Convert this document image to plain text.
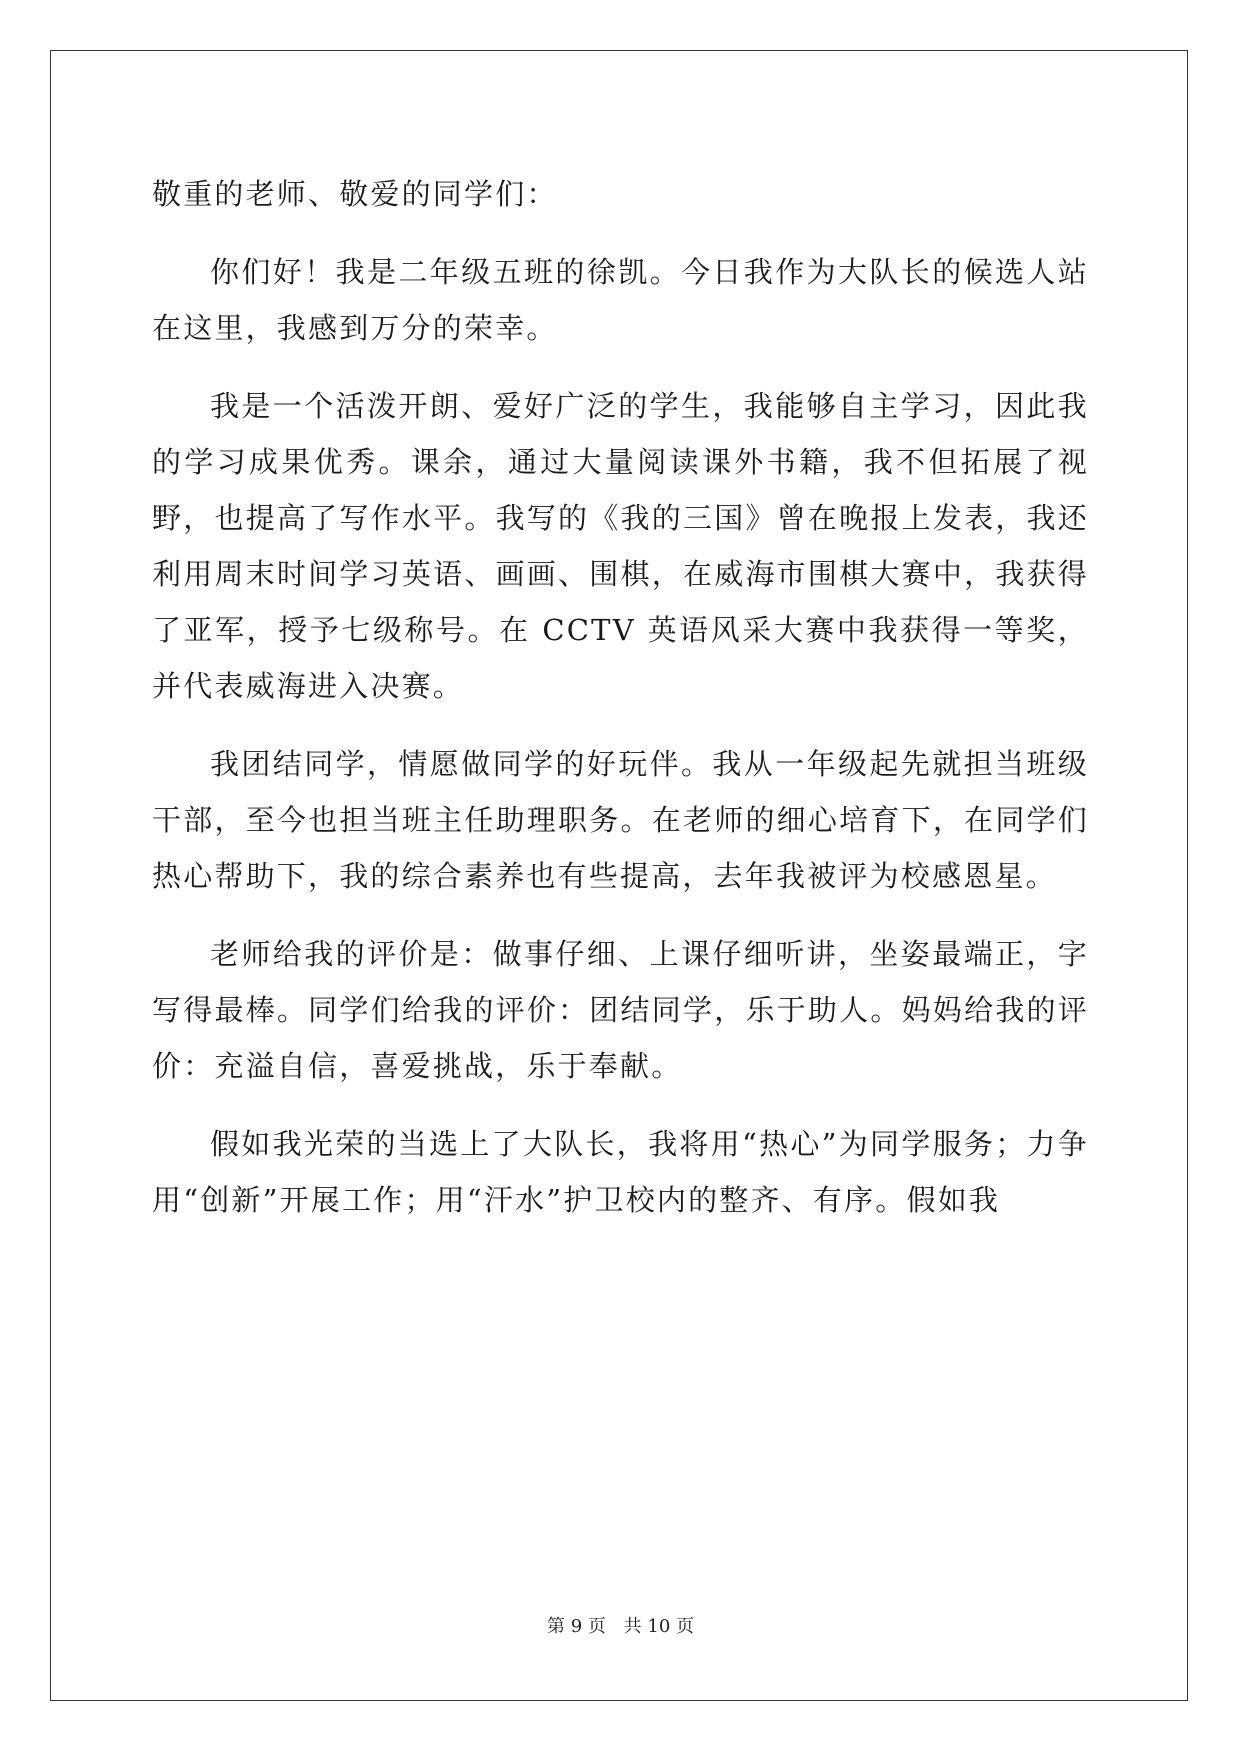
敬重的老师、敬爱的同学们：

你们好！我是二年级五班的徐凯。今日我作为大队长的候选人站在这里，我感到万分的荣幸。

我是一个活泼开朗、爱好广泛的学生，我能够自主学习，因此我的学习成果优秀。课余，通过大量阅读课外书籍，我不但拓展了视野，也提高了写作水平。我写的《我的三国》曾在晚报上发表，我还利用周末时间学习英语、画画、围棋，在威海市围棋大赛中，我获得了亚军，授予七级称号。在 CCTV 英语风采大赛中我获得一等奖，并代表威海进入决赛。

我团结同学，情愿做同学的好玩伴。我从一年级起先就担当班级干部，至今也担当班主任助理职务。在老师的细心培育下，在同学们热心帮助下，我的综合素养也有些提高，去年我被评为校感恩星。

老师给我的评价是：做事仔细、上课仔细听讲，坐姿最端正，字写得最棒。同学们给我的评价：团结同学，乐于助人。妈妈给我的评价：充溢自信，喜爱挑战，乐于奉献。

假如我光荣的当选上了大队长，我将用“热心”为同学服务；力争用“创新”开展工作；用“汗水”护卫校内的整齐、有序。假如我

第 9 页 共 10 页
